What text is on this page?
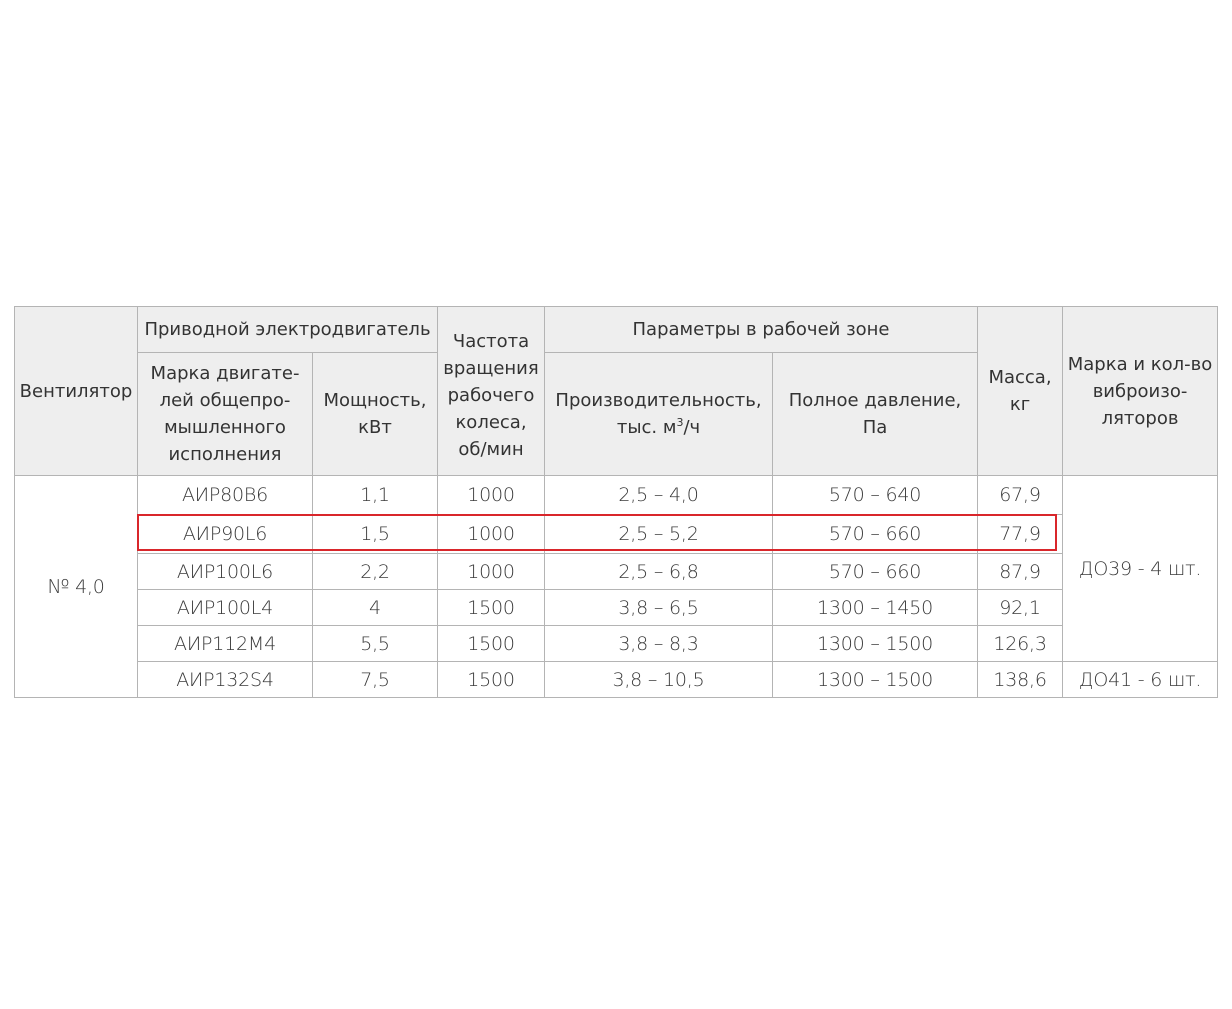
Вентилятор	Приводной электродвигатель		Частота вращения рабочего колеса, об/мин	Параметры в рабочей зоне		Масса, кг	Марка и кол-во виброизо-ляторов
	Марка двигате-лей общепро-мышленного исполнения	Мощность, кВт		Производительность, тыс. $м^3/ч$	Полное давление, Па		
№ 4,0	АИР80В6	1,1	1000	2,5 – 4,0	570 – 640	67,9	ДО39 - 4 шт.
	АИР90L6	1,5	1000	2,5 – 5,2	570 – 660	77,9	
	АИР100L6	2,2	1000	2,5 – 6,8	570 – 660	87,9	
	АИР100L4	4	1500	3,8 – 6,5	1300 – 1450	92,1	
	АИР112М4	5,5	1500	3,8 – 8,3	1300 – 1500	126,3	
	АИР132S4	7,5	1500	3,8 – 10,5	1300 – 1500	138,6	ДО41 - 6 шт.
